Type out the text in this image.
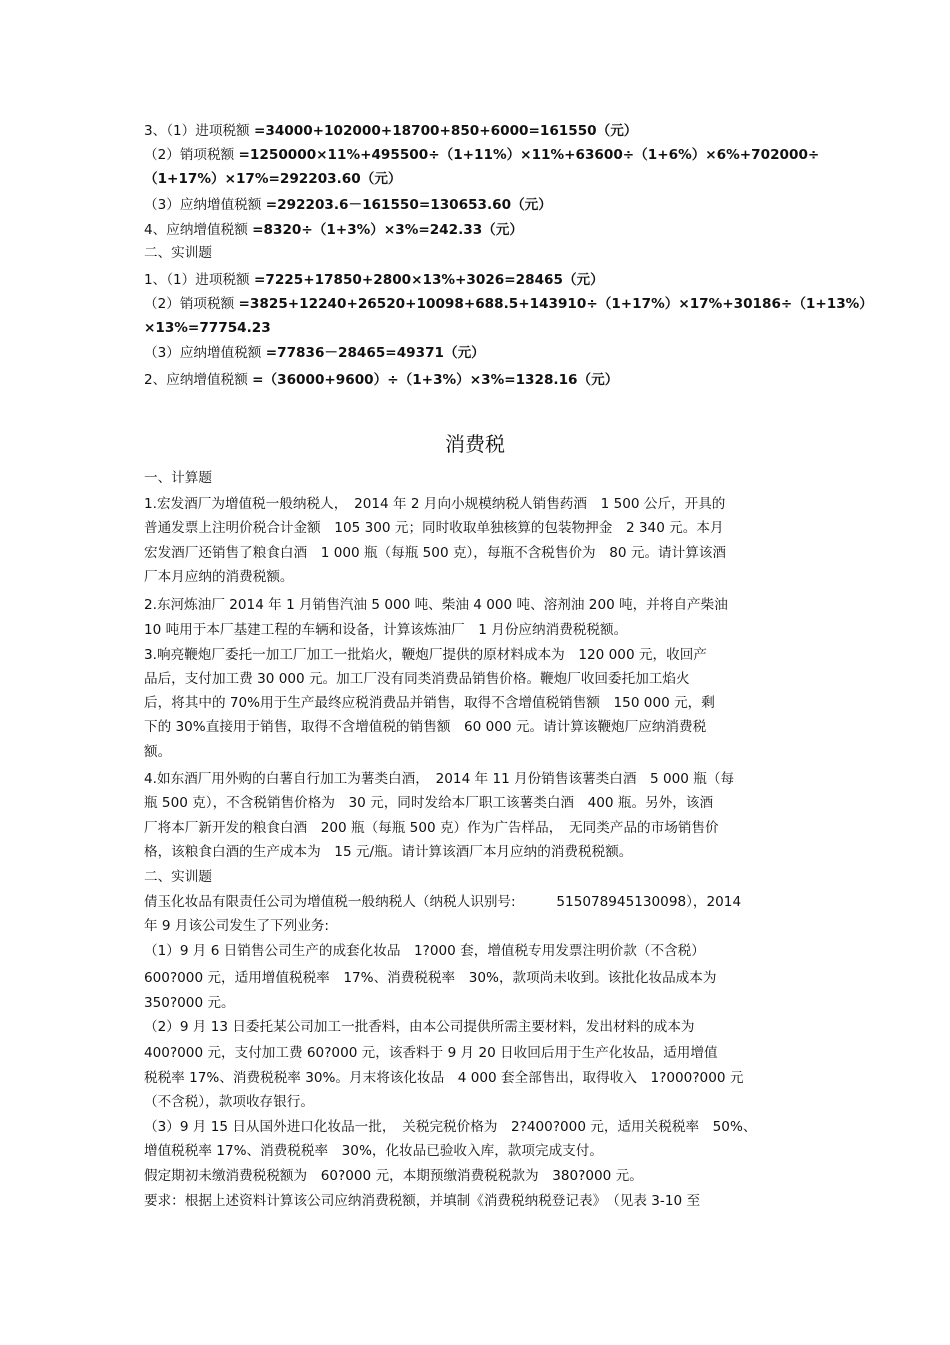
3、（1）进项税额 =34000+102000+18700+850+6000=161550（元）
（2）销项税额 =1250000×11%+495500÷（1+11%）×11%+63600÷（1+6%）×6%+702000÷
（1+17%）×17%=292203.60（元）
（3）应纳增值税额 =292203.6－161550=130653.60（元）
4、应纳增值税额 =8320÷（1+3%）×3%=242.33（元）
二、实训题
1、（1）进项税额 =7225+17850+2800×13%+3026=28465（元）
（2）销项税额 =3825+12240+26520+10098+688.5+143910÷（1+17%）×17%+30186÷（1+13%）
×13%=77754.23
（3）应纳增值税额 =77836－28465=49371（元）
2、应纳增值税额 =（36000+9600）÷（1+3%）×3%=1328.16（元）
消费税
一、计算题
1.宏发酒厂为增值税一般纳税人，　2014 年 2 月向小规模纳税人销售药酒　1 500 公斤，开具的
普通发票上注明价税合计金额　105 300 元；同时收取单独核算的包装物押金　2 340 元。本月
宏发酒厂还销售了粮食白酒　1 000 瓶（每瓶 500 克），每瓶不含税售价为　80 元。请计算该酒
厂本月应纳的消费税额。
2.东河炼油厂 2014 年 1 月销售汽油 5 000 吨、柴油 4 000 吨、溶剂油 200 吨，并将自产柴油
10 吨用于本厂基建工程的车辆和设备，计算该炼油厂　1 月份应纳消费税税额。
3.响亮鞭炮厂委托一加工厂加工一批焰火，鞭炮厂提供的原材料成本为　120 000 元，收回产
品后，支付加工费 30 000 元。加工厂没有同类消费品销售价格。鞭炮厂收回委托加工焰火
后，将其中的 70%用于生产最终应税消费品并销售，取得不含增值税销售额　150 000 元，剩
下的 30%直接用于销售，取得不含增值税的销售额　60 000 元。请计算该鞭炮厂应纳消费税
额。
4.如东酒厂用外购的白薯自行加工为薯类白酒，　2014 年 11 月份销售该薯类白酒　5 000 瓶（每
瓶 500 克），不含税销售价格为　30 元，同时发给本厂职工该薯类白酒　400 瓶。另外，该酒
厂将本厂新开发的粮食白酒　200 瓶（每瓶 500 克）作为广告样品，　无同类产品的市场销售价
格，该粮食白酒的生产成本为　15 元/瓶。请计算该酒厂本月应纳的消费税税额。
二、实训题
倩玉化妆品有限责任公司为增值税一般纳税人（纳税人识别号:　　　515078945130098），2014
年 9 月该公司发生了下列业务:
（1）9 月 6 日销售公司生产的成套化妆品　1?000 套，增值税专用发票注明价款（不含税）
600?000 元，适用增值税税率　17%、消费税税率　30%，款项尚未收到。该批化妆品成本为
350?000 元。
（2）9 月 13 日委托某公司加工一批香料，由本公司提供所需主要材料，发出材料的成本为
400?000 元，支付加工费 60?000 元，该香料于 9 月 20 日收回后用于生产化妆品，适用增值
税税率 17%、消费税税率 30%。月末将该化妆品　4 000 套全部售出，取得收入　1?000?000 元
（不含税），款项收存银行。
（3）9 月 15 日从国外进口化妆品一批，　关税完税价格为　2?400?000 元，适用关税税率　50%、
增值税税率 17%、消费税税率　30%，化妆品已验收入库，款项完成支付。
假定期初未缴消费税税额为　60?000 元，本期预缴消费税税款为　380?000 元。
要求：根据上述资料计算该公司应纳消费税额，并填制《消费税纳税登记表》　（见表 3-10 至
